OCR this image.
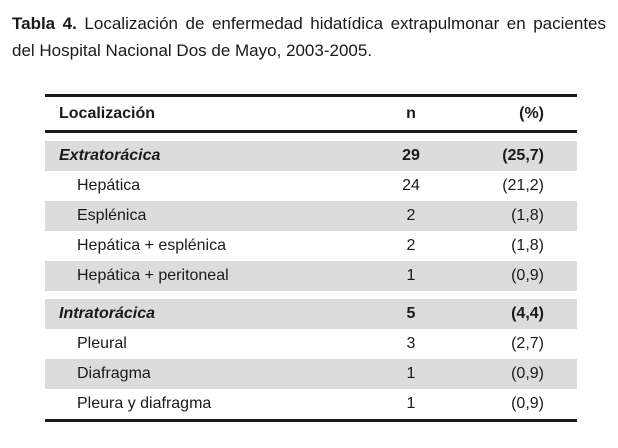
Tabla 4. Localización de enfermedad hidatídica extrapulmonar en pacientes del Hospital Nacional Dos de Mayo, 2003-2005.

Localización	n	(%)

Extratorácica	29	(25,7)
Hepática	24	(21,2)
Esplénica	2	(1,8)
Hepática + esplénica	2	(1,8)
Hepática + peritoneal	1	(0,9)

Intratorácica	5	(4,4)
Pleural	3	(2,7)
Diafragma	1	(0,9)
Pleura y diafragma	1	(0,9)
